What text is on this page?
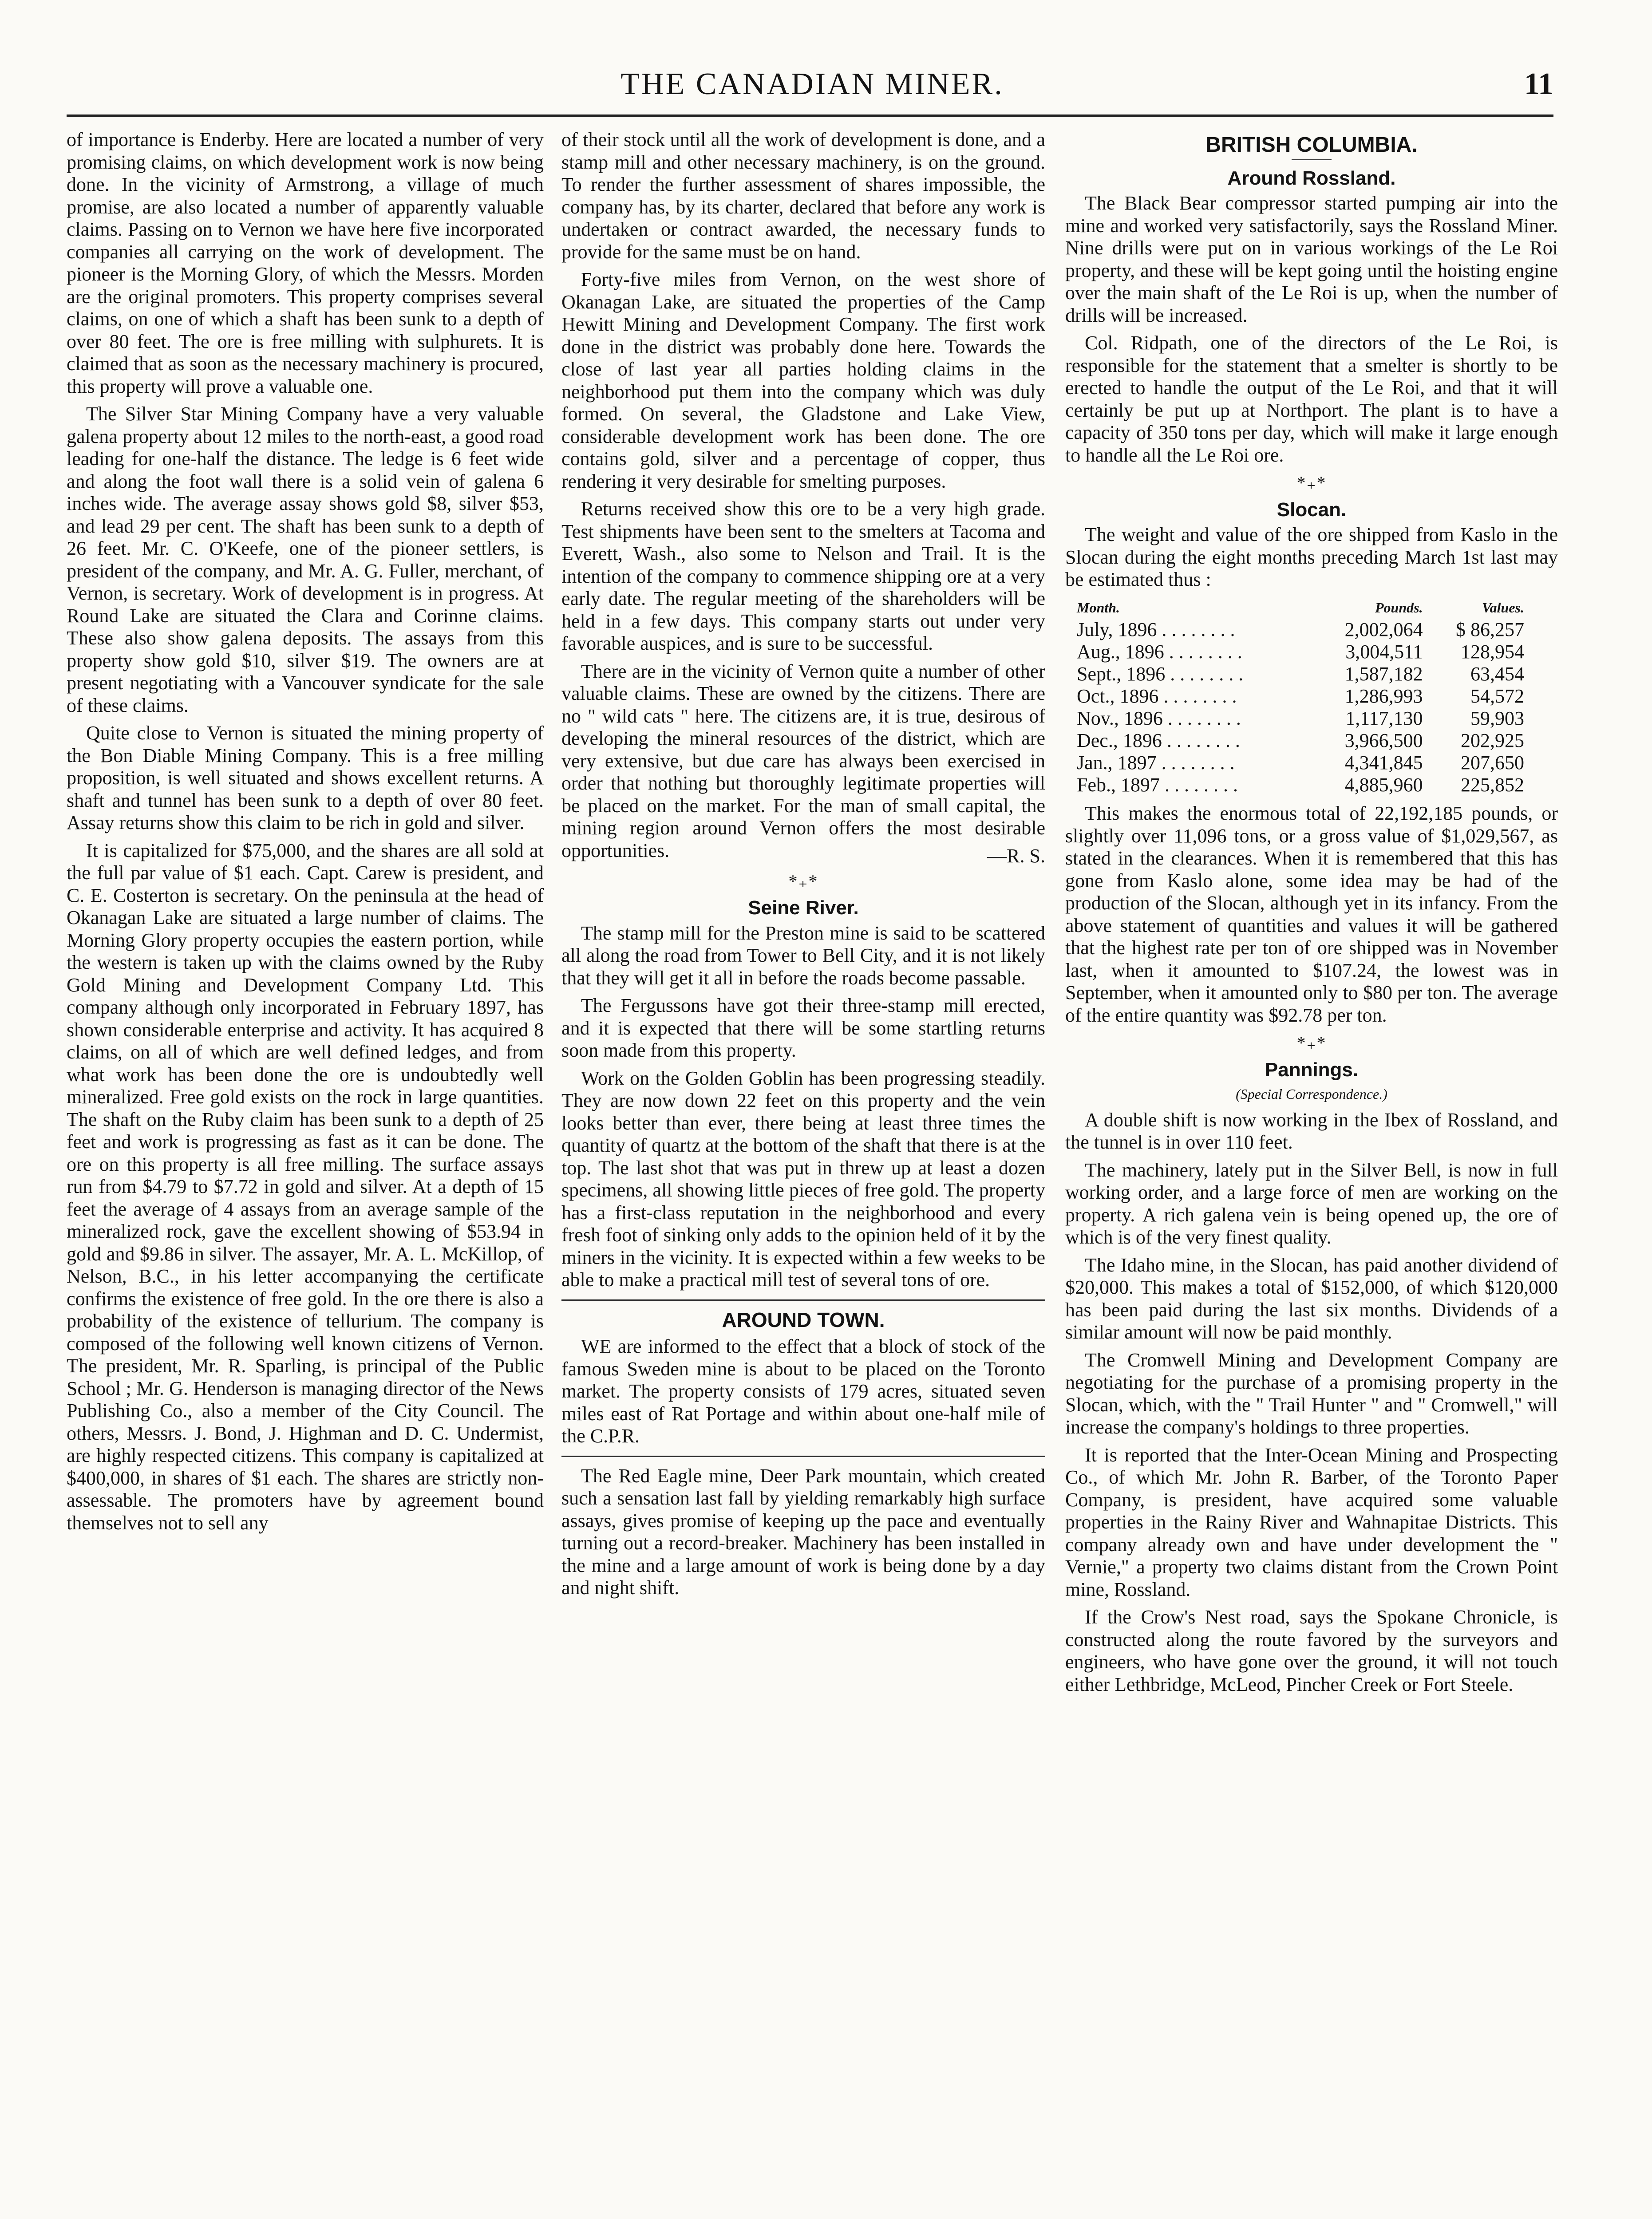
THE CANADIAN MINER.	11

of importance is Enderby. Here are located a number of very promising claims, on which development work is now being done. In the vicinity of Armstrong, a village of much promise, are also located a number of apparently valuable claims. Passing on to Vernon we have here five incorporated companies all carrying on the work of development. The pioneer is the Morning Glory, of which the Messrs. Morden are the original promoters. This property comprises several claims, on one of which a shaft has been sunk to a depth of over 80 feet. The ore is free milling with sulphurets. It is claimed that as soon as the necessary machinery is procured, this property will prove a valuable one.

The Silver Star Mining Company have a very valuable galena property about 12 miles to the north-east, a good road leading for one-half the distance. The ledge is 6 feet wide and along the foot wall there is a solid vein of galena 6 inches wide. The average assay shows gold $8, silver $53, and lead 29 per cent. The shaft has been sunk to a depth of 26 feet. Mr. C. O'Keefe, one of the pioneer settlers, is president of the company, and Mr. A. G. Fuller, merchant, of Vernon, is secretary. Work of development is in progress. At Round Lake are situated the Clara and Corinne claims. These also show galena deposits. The assays from this property show gold $10, silver $19. The owners are at present negotiating with a Vancouver syndicate for the sale of these claims.

Quite close to Vernon is situated the mining property of the Bon Diable Mining Company. This is a free milling proposition, is well situated and shows excellent returns. A shaft and tunnel has been sunk to a depth of over 80 feet. Assay returns show this claim to be rich in gold and silver.

It is capitalized for $75,000, and the shares are all sold at the full par value of $1 each. Capt. Carew is president, and C. E. Costerton is secretary. On the peninsula at the head of Okanagan Lake are situated a large number of claims. The Morning Glory property occupies the eastern portion, while the western is taken up with the claims owned by the Ruby Gold Mining and Development Company Ltd. This company although only incorporated in February 1897, has shown considerable enterprise and activity. It has acquired 8 claims, on all of which are well defined ledges, and from what work has been done the ore is undoubtedly well mineralized. Free gold exists on the rock in large quantities. The shaft on the Ruby claim has been sunk to a depth of 25 feet and work is progressing as fast as it can be done. The ore on this property is all free milling. The surface assays run from $4.79 to $7.72 in gold and silver. At a depth of 15 feet the average of 4 assays from an average sample of the mineralized rock, gave the excellent showing of $53.94 in gold and $9.86 in silver. The assayer, Mr. A. L. McKillop, of Nelson, B.C., in his letter accompanying the certificate confirms the existence of free gold. In the ore there is also a probability of the existence of tellurium. The company is composed of the following well known citizens of Vernon. The president, Mr. R. Sparling, is principal of the Public School ; Mr. G. Henderson is managing director of the News Publishing Co., also a member of the City Council. The others, Messrs. J. Bond, J. Highman and D. C. Undermist, are highly respected citizens. This company is capitalized at $400,000, in shares of $1 each. The shares are strictly non-assessable. The promoters have by agreement bound themselves not to sell any

of their stock until all the work of development is done, and a stamp mill and other necessary machinery, is on the ground. To render the further assessment of shares impossible, the company has, by its charter, declared that before any work is undertaken or contract awarded, the necessary funds to provide for the same must be on hand.

Forty-five miles from Vernon, on the west shore of Okanagan Lake, are situated the properties of the Camp Hewitt Mining and Development Company. The first work done in the district was probably done here. Towards the close of last year all parties holding claims in the neighborhood put them into the company which was duly formed. On several, the Gladstone and Lake View, considerable development work has been done. The ore contains gold, silver and a percentage of copper, thus rendering it very desirable for smelting purposes.

Returns received show this ore to be a very high grade. Test shipments have been sent to the smelters at Tacoma and Everett, Wash., also some to Nelson and Trail. It is the intention of the company to commence shipping ore at a very early date. The regular meeting of the shareholders will be held in a few days. This company starts out under very favorable auspices, and is sure to be successful.

There are in the vicinity of Vernon quite a number of other valuable claims. These are owned by the citizens. There are no " wild cats " here. The citizens are, it is true, desirous of developing the mineral resources of the district, which are very extensive, but due care has always been exercised in order that nothing but thoroughly legitimate properties will be placed on the market. For the man of small capital, the mining region around Vernon offers the most desirable opportunities.	—R. S.
*₊*
Seine River.

The stamp mill for the Preston mine is said to be scattered all along the road from Tower to Bell City, and it is not likely that they will get it all in before the roads become passable.

The Fergussons have got their three-stamp mill erected, and it is expected that there will be some startling returns soon made from this property.

Work on the Golden Goblin has been progressing steadily. They are now down 22 feet on this property and the vein looks better than ever, there being at least three times the quantity of quartz at the bottom of the shaft that there is at the top. The last shot that was put in threw up at least a dozen specimens, all showing little pieces of free gold. The property has a first-class reputation in the neighborhood and every fresh foot of sinking only adds to the opinion held of it by the miners in the vicinity. It is expected within a few weeks to be able to make a practical mill test of several tons of ore.

AROUND TOWN.

WE are informed to the effect that a block of stock of the famous Sweden mine is about to be placed on the Toronto market. The property consists of 179 acres, situated seven miles east of Rat Portage and within about one-half mile of the C.P.R.

The Red Eagle mine, Deer Park mountain, which created such a sensation last fall by yielding remarkably high surface assays, gives promise of keeping up the pace and eventually turning out a record-breaker. Machinery has been installed in the mine and a large amount of work is being done by a day and night shift.

BRITISH COLUMBIA.
Around Rossland.

The Black Bear compressor started pumping air into the mine and worked very satisfactorily, says the Rossland Miner. Nine drills were put on in various workings of the Le Roi property, and these will be kept going until the hoisting engine over the main shaft of the Le Roi is up, when the number of drills will be increased.

Col. Ridpath, one of the directors of the Le Roi, is responsible for the statement that a smelter is shortly to be erected to handle the output of the Le Roi, and that it will certainly be put up at Northport. The plant is to have a capacity of 350 tons per day, which will make it large enough to handle all the Le Roi ore.

*₊*
Slocan.

The weight and value of the ore shipped from Kaslo in the Slocan during the eight months preceding March 1st last may be estimated thus :

Month.	Pounds.	Values.
July, 1896 . . . . . . . .	2,002,064	$ 86,257
Aug., 1896 . . . . . . . .	3,004,511	128,954
Sept., 1896 . . . . . . . .	1,587,182	63,454
Oct., 1896 . . . . . . . .	1,286,993	54,572
Nov., 1896 . . . . . . . .	1,117,130	59,903
Dec., 1896 . . . . . . . .	3,966,500	202,925
Jan., 1897 . . . . . . . .	4,341,845	207,650
Feb., 1897 . . . . . . . .	4,885,960	225,852

This makes the enormous total of 22,192,185 pounds, or slightly over 11,096 tons, or a gross value of $1,029,567, as stated in the clearances. When it is remembered that this has gone from Kaslo alone, some idea may be had of the production of the Slocan, although yet in its infancy. From the above statement of quantities and values it will be gathered that the highest rate per ton of ore shipped was in November last, when it amounted to $107.24, the lowest was in September, when it amounted only to $80 per ton. The average of the entire quantity was $92.78 per ton.

*₊*
Pannings.
(Special Correspondence.)

A double shift is now working in the Ibex of Rossland, and the tunnel is in over 110 feet.

The machinery, lately put in the Silver Bell, is now in full working order, and a large force of men are working on the property. A rich galena vein is being opened up, the ore of which is of the very finest quality.

The Idaho mine, in the Slocan, has paid another dividend of $20,000. This makes a total of $152,000, of which $120,000 has been paid during the last six months. Dividends of a similar amount will now be paid monthly.

The Cromwell Mining and Development Company are negotiating for the purchase of a promising property in the Slocan, which, with the " Trail Hunter " and " Cromwell," will increase the company's holdings to three properties.

It is reported that the Inter-Ocean Mining and Prospecting Co., of which Mr. John R. Barber, of the Toronto Paper Company, is president, have acquired some valuable properties in the Rainy River and Wahnapitae Districts. This company already own and have under development the " Vernie," a property two claims distant from the Crown Point mine, Rossland.

If the Crow's Nest road, says the Spokane Chronicle, is constructed along the route favored by the surveyors and engineers, who have gone over the ground, it will not touch either Lethbridge, McLeod, Pincher Creek or Fort Steele.
